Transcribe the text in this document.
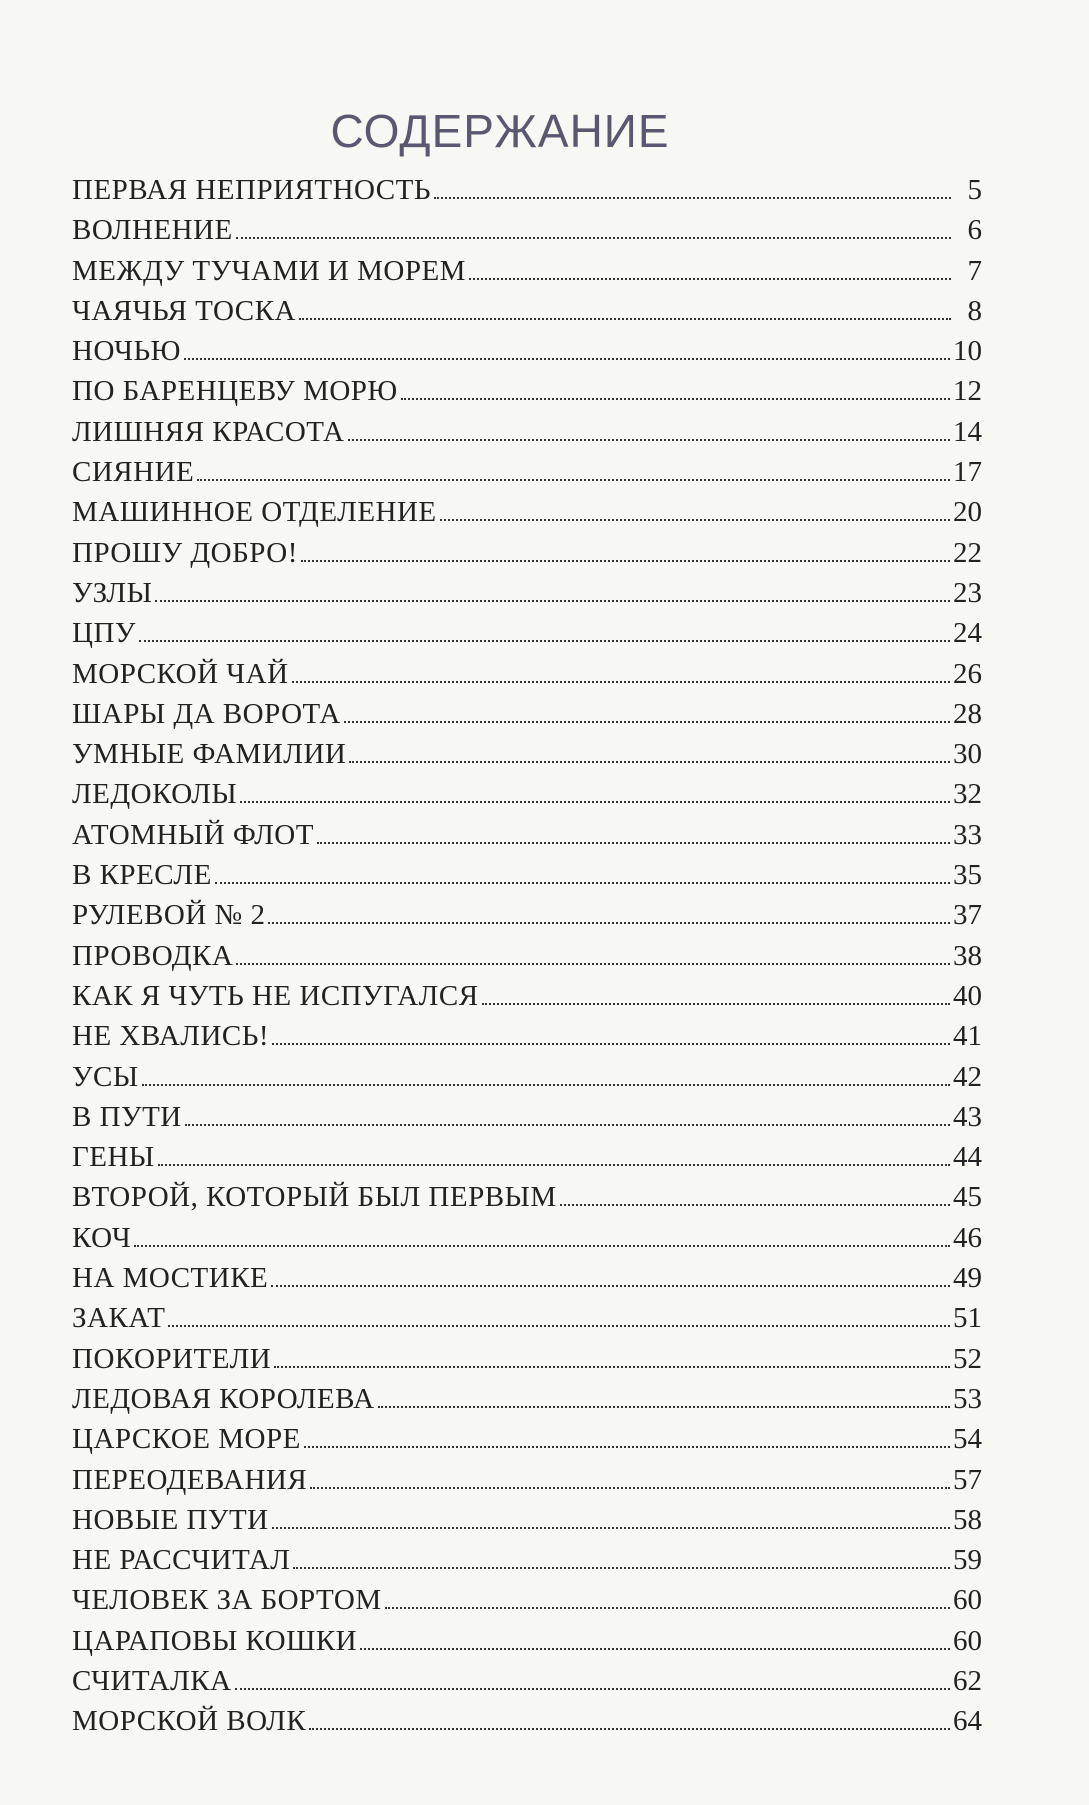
СОДЕРЖАНИЕ
ПЕРВАЯ НЕПРИЯТНОСТЬ	5
ВОЛНЕНИЕ	6
МЕЖДУ ТУЧАМИ И МОРЕМ	7
ЧАЯЧЬЯ ТОСКА	8
НОЧЬЮ	10
ПО БАРЕНЦЕВУ МОРЮ	12
ЛИШНЯЯ КРАСОТА	14
СИЯНИЕ	17
МАШИННОЕ ОТДЕЛЕНИЕ	20
ПРОШУ ДОБРО!	22
УЗЛЫ	23
ЦПУ	24
МОРСКОЙ ЧАЙ	26
ШАРЫ ДА ВОРОТА	28
УМНЫЕ ФАМИЛИИ	30
ЛЕДОКОЛЫ	32
АТОМНЫЙ ФЛОТ	33
В КРЕСЛЕ	35
РУЛЕВОЙ № 2	37
ПРОВОДКА	38
КАК Я ЧУТЬ НЕ ИСПУГАЛСЯ	40
НЕ ХВАЛИСЬ!	41
УСЫ	42
В ПУТИ	43
ГЕНЫ	44
ВТОРОЙ, КОТОРЫЙ БЫЛ ПЕРВЫМ	45
КОЧ	46
НА МОСТИКЕ	49
ЗАКАТ	51
ПОКОРИТЕЛИ	52
ЛЕДОВАЯ КОРОЛЕВА	53
ЦАРСКОЕ МОРЕ	54
ПЕРЕОДЕВАНИЯ	57
НОВЫЕ ПУТИ	58
НЕ РАССЧИТАЛ	59
ЧЕЛОВЕК ЗА БОРТОМ	60
ЦАРАПОВЫ КОШКИ	60
СЧИТАЛКА	62
МОРСКОЙ ВОЛК	64
